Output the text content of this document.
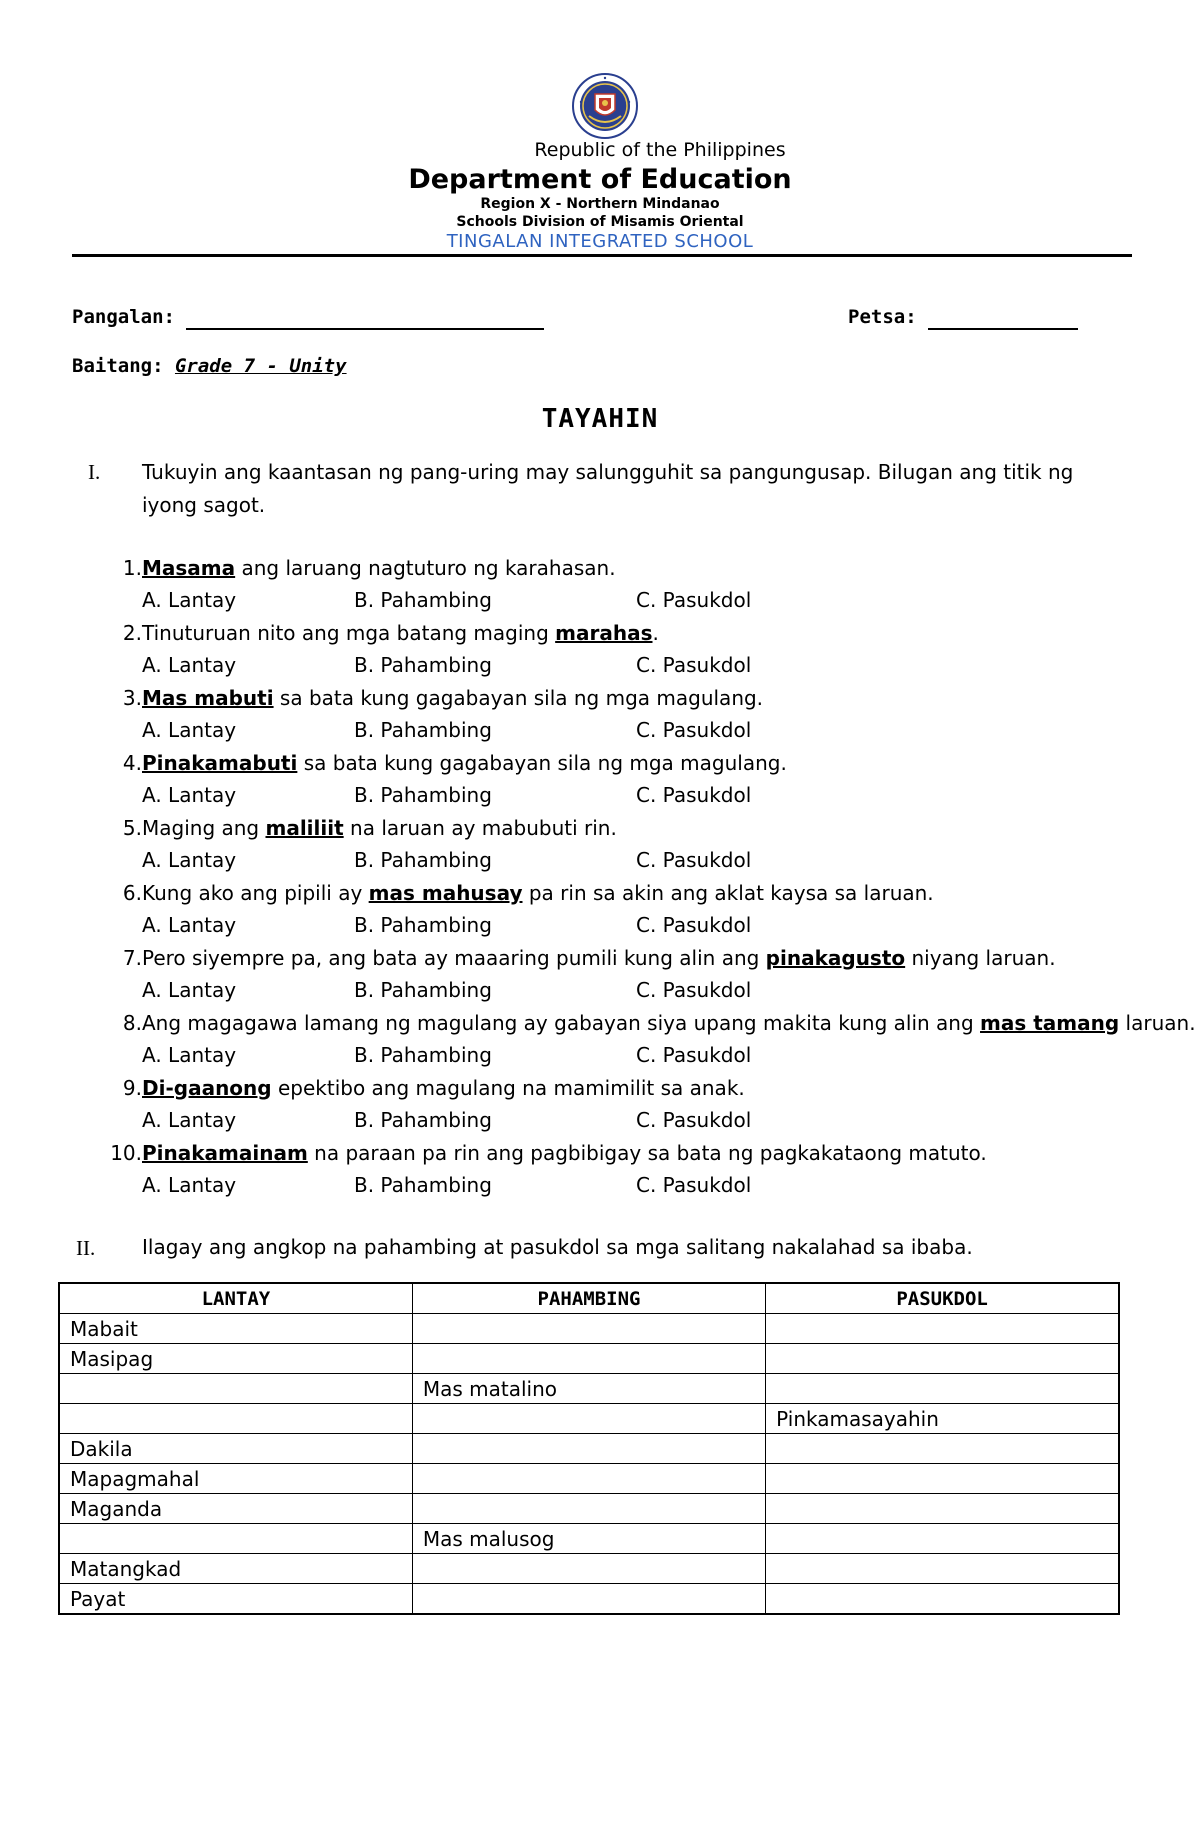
Republic of the Philippines
Department of Education
Region X - Northern Mindanao
Schools Division of Misamis Oriental
TINGALAN INTEGRATED SCHOOL
Pangalan:	Petsa:
Baitang: Grade 7 - Unity
TAYAHIN
I. Tukuyin ang kaantasan ng pang-uring may salungguhit sa pangungusap. Bilugan ang titik ng iyong sagot.
1. Masama ang laruang nagtuturo ng karahasan.
A. Lantay	B. Pahambing	C. Pasukdol
2. Tinuturuan nito ang mga batang maging marahas.
A. Lantay	B. Pahambing	C. Pasukdol
3. Mas mabuti sa bata kung gagabayan sila ng mga magulang.
A. Lantay	B. Pahambing	C. Pasukdol
4. Pinakamabuti sa bata kung gagabayan sila ng mga magulang.
A. Lantay	B. Pahambing	C. Pasukdol
5. Maging ang maliliit na laruan ay mabubuti rin.
A. Lantay	B. Pahambing	C. Pasukdol
6. Kung ako ang pipili ay mas mahusay pa rin sa akin ang aklat kaysa sa laruan.
A. Lantay	B. Pahambing	C. Pasukdol
7. Pero siyempre pa, ang bata ay maaaring pumili kung alin ang pinakagusto niyang laruan.
A. Lantay	B. Pahambing	C. Pasukdol
8. Ang magagawa lamang ng magulang ay gabayan siya upang makita kung alin ang mas tamang laruan.
A. Lantay	B. Pahambing	C. Pasukdol
9. Di-gaanong epektibo ang magulang na mamimilit sa anak.
A. Lantay	B. Pahambing	C. Pasukdol
10. Pinakamainam na paraan pa rin ang pagbibigay sa bata ng pagkakataong matuto.
A. Lantay	B. Pahambing	C. Pasukdol
II. Ilagay ang angkop na pahambing at pasukdol sa mga salitang nakalahad sa ibaba.
LANTAY	PAHAMBING	PASUKDOL
Mabait		
Masipag		
	Mas matalino	
		Pinkamasayahin
Dakila		
Mapagmahal		
Maganda		
	Mas malusog	
Matangkad		
Payat		
